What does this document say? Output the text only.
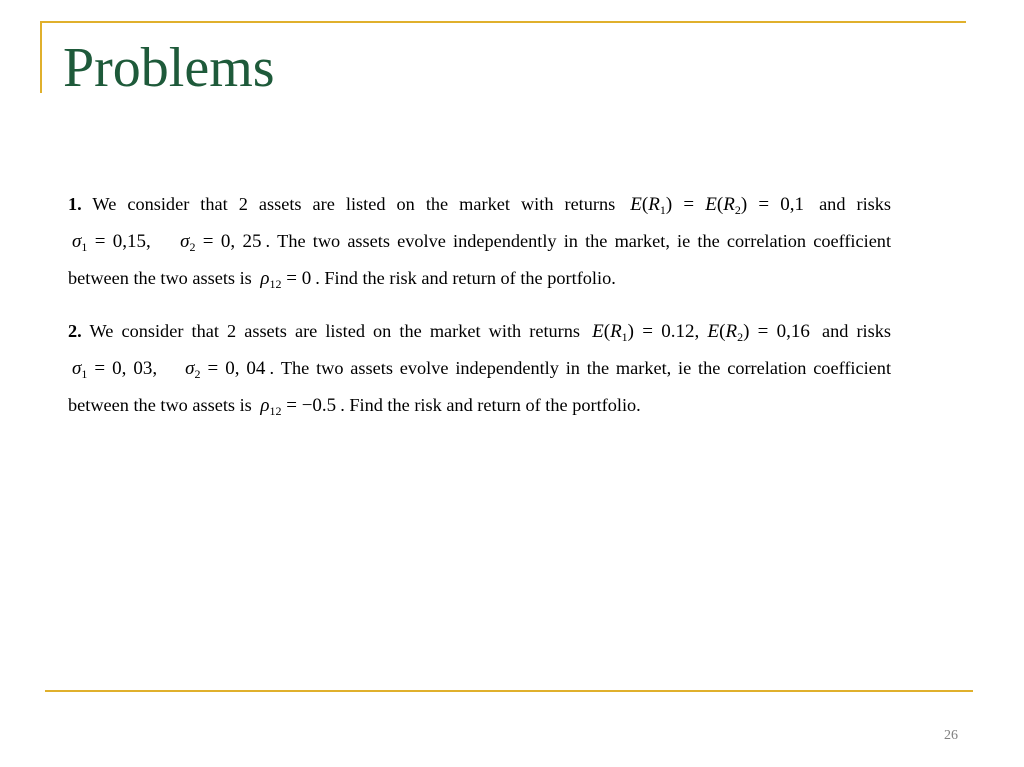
Problems

1. We consider that 2 assets are listed on the market with returns $E(R_1) = E(R_2) = 0,1$ and risks $\sigma_1 = 0,15$, $\sigma_2 = 0$, 25 . The two assets evolve independently in the market, ie the correlation coefficient between the two assets is $\rho_{12} = 0$ . Find the risk and return of the portfolio.

2. We consider that 2 assets are listed on the market with returns $E(R_1) = 0.12$, $E(R_2) = 0,16$ and risks $\sigma_1 = 0$, 03, $\sigma_2 = 0$, 04 . The two assets evolve independently in the market, ie the correlation coefficient between the two assets is $\rho_{12} = -0.5$ . Find the risk and return of the portfolio.

26
